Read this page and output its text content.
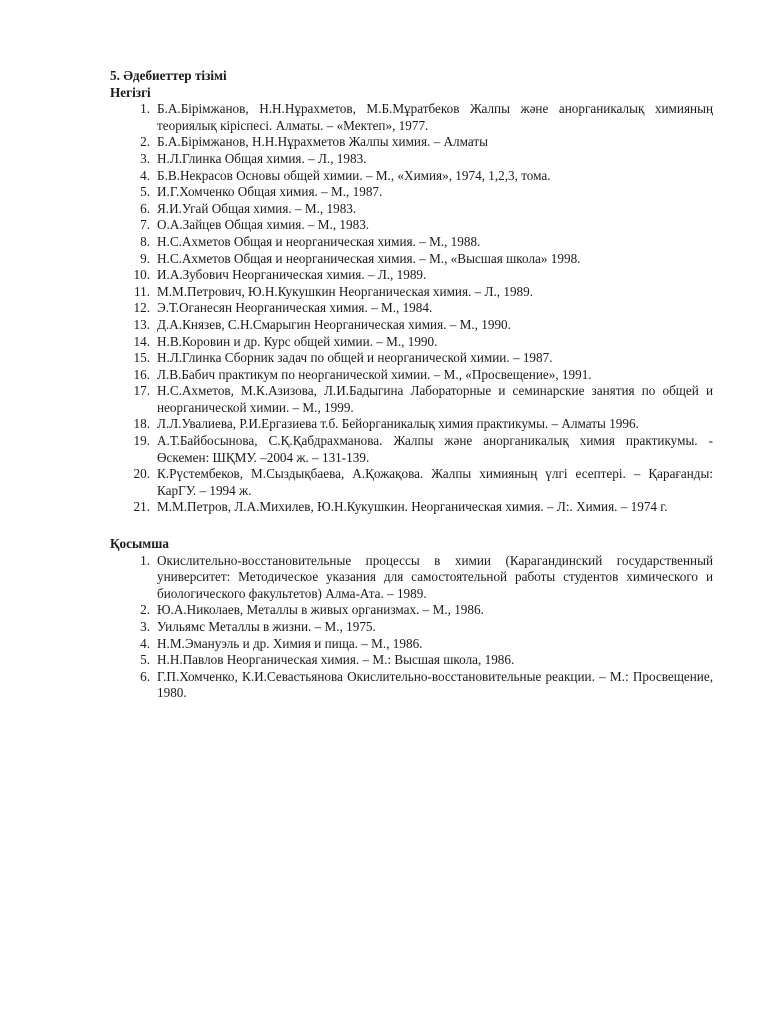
5. Әдебиеттер тізімі
Негізгі
1. Б.А.Бірімжанов, Н.Н.Нұрахметов, М.Б.Мұратбеков Жалпы және анорганикалық химияның теориялық кіріспесі. Алматы. – «Мектеп», 1977.
2. Б.А.Бірімжанов, Н.Н.Нұрахметов Жалпы химия. – Алматы
3. Н.Л.Глинка Общая химия. – Л., 1983.
4. Б.В.Некрасов Основы общей химии. – М., «Химия», 1974, 1,2,3, тома.
5. И.Г.Хомченко Общая химия. – М., 1987.
6. Я.И.Угай Общая химия. – М., 1983.
7. О.А.Зайцев Общая химия. – М., 1983.
8. Н.С.Ахметов Общая и неорганическая химия. – М., 1988.
9. Н.С.Ахметов Общая и неорганическая химия. – М., «Высшая школа» 1998.
10. И.А.Зубович Неорганическая химия. – Л., 1989.
11. М.М.Петрович, Ю.Н.Кукушкин Неорганическая химия. – Л., 1989.
12. Э.Т.Оганесян Неорганическая химия. – М., 1984.
13. Д.А.Князев, С.Н.Смарыгин Неорганическая химия. – М., 1990.
14. Н.В.Коровин и др. Курс общей химии. – М., 1990.
15. Н.Л.Глинка Сборник задач по общей и неорганической химии. – 1987.
16. Л.В.Бабич практикум по неорганической химии. – М., «Просвещение», 1991.
17. Н.С.Ахметов, М.К.Азизова, Л.И.Бадыгина Лабораторные и семинарские занятия по общей и неорганической химии. – М., 1999.
18. Л.Л.Увалиева, Р.И.Ергазиева т.б. Бейорганикалық химия практикумы. – Алматы 1996.
19. А.Т.Байбосынова, С.Қ.Қабдрахманова. Жалпы және анорганикалық химия практикумы. - Өскемен: ШҚМУ. –2004 ж. – 131-139.
20. К.Рүстембеков, М.Сыздықбаева, А.Қожақова. Жалпы химияның үлгі есептері. – Қарағанды: КарГУ. – 1994 ж.
21. М.М.Петров, Л.А.Михилев, Ю.Н.Кукушкин. Неорганическая химия. – Л:. Химия. – 1974 г.
Қосымша
1. Окислительно-восстановительные процессы в химии (Карагандинский государственный университет: Методическое указания для самостоятельной работы студентов химического и биологического факультетов) Алма-Ата. – 1989.
2. Ю.А.Николаев, Металлы в живых организмах. – М., 1986.
3. Уильямс Металлы в жизни. – М., 1975.
4. Н.М.Эмануэль и др. Химия и пища. – М., 1986.
5. Н.Н.Павлов Неорганическая химия. – М.: Высшая школа, 1986.
6. Г.П.Хомченко, К.И.Севастьянова Окислительно-восстановительные реакции. – М.: Просвещение, 1980.
